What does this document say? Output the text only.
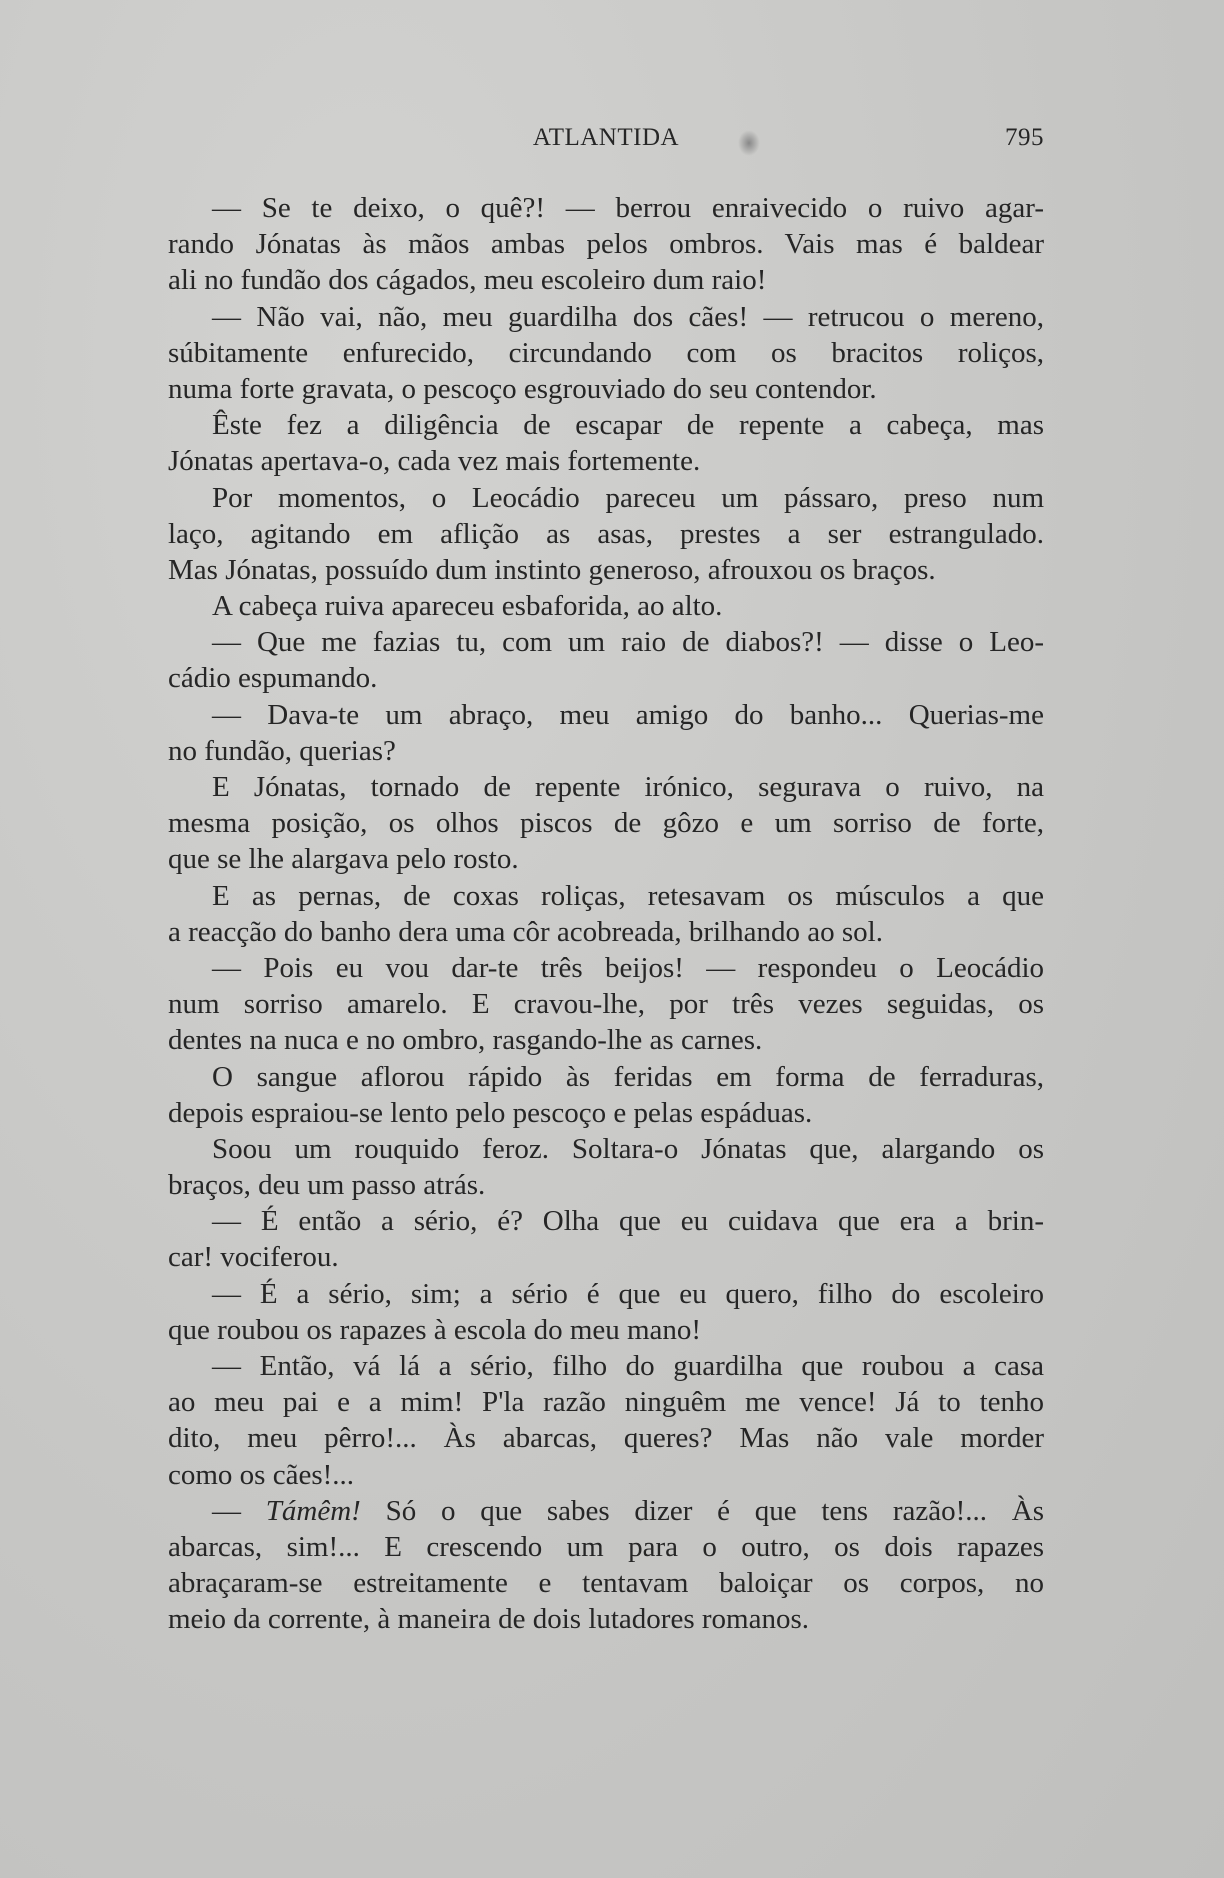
ATLANTIDA	795
— Se te deixo, o quê?! — berrou enraivecido o ruivo agar-
rando Jónatas às mãos ambas pelos ombros. Vais mas é baldear
ali no fundão dos cágados, meu escoleiro dum raio!
— Não vai, não, meu guardilha dos cães! — retrucou o mereno,
súbitamente enfurecido, circundando com os bracitos roliços,
numa forte gravata, o pescoço esgrouviado do seu contendor.
Êste fez a diligência de escapar de repente a cabeça, mas
Jónatas apertava-o, cada vez mais fortemente.
Por momentos, o Leocádio pareceu um pássaro, preso num
laço, agitando em aflição as asas, prestes a ser estrangulado.
Mas Jónatas, possuído dum instinto generoso, afrouxou os braços.
A cabeça ruiva apareceu esbaforida, ao alto.
— Que me fazias tu, com um raio de diabos?! — disse o Leo-
cádio espumando.
— Dava-te um abraço, meu amigo do banho... Querias-me
no fundão, querias?
E Jónatas, tornado de repente irónico, segurava o ruivo, na
mesma posição, os olhos piscos de gôzo e um sorriso de forte,
que se lhe alargava pelo rosto.
E as pernas, de coxas roliças, retesavam os músculos a que
a reacção do banho dera uma côr acobreada, brilhando ao sol.
— Pois eu vou dar-te três beijos! — respondeu o Leocádio
num sorriso amarelo. E cravou-lhe, por três vezes seguidas, os
dentes na nuca e no ombro, rasgando-lhe as carnes.
O sangue aflorou rápido às feridas em forma de ferraduras,
depois espraiou-se lento pelo pescoço e pelas espáduas.
Soou um rouquido feroz. Soltara-o Jónatas que, alargando os
braços, deu um passo atrás.
— É então a sério, é? Olha que eu cuidava que era a brin-
car! vociferou.
— É a sério, sim; a sério é que eu quero, filho do escoleiro
que roubou os rapazes à escola do meu mano!
— Então, vá lá a sério, filho do guardilha que roubou a casa
ao meu pai e a mim! P'la razão ninguêm me vence! Já to tenho
dito, meu pêrro!... Às abarcas, queres? Mas não vale morder
como os cães!...
— Támêm! Só o que sabes dizer é que tens razão!... Às
abarcas, sim!... E crescendo um para o outro, os dois rapazes
abraçaram-se estreitamente e tentavam baloiçar os corpos, no
meio da corrente, à maneira de dois lutadores romanos.
